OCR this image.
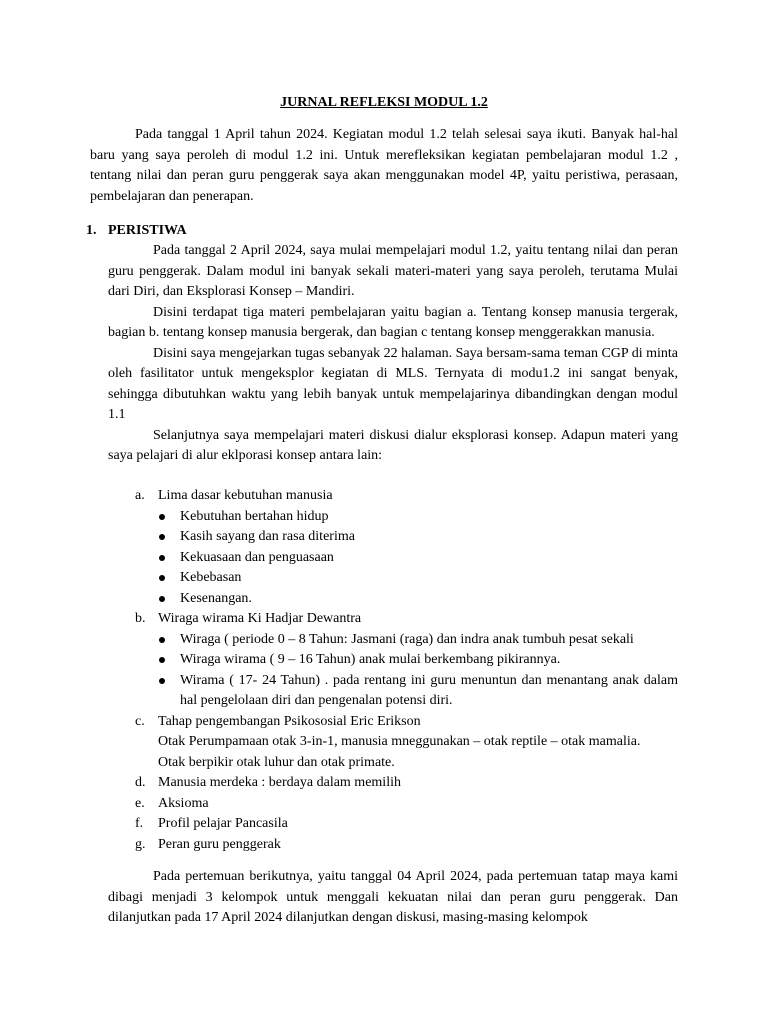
JURNAL REFLEKSI MODUL 1.2

Pada tanggal 1 April tahun 2024. Kegiatan modul 1.2 telah selesai saya ikuti. Banyak hal-hal baru yang saya peroleh di modul 1.2 ini. Untuk merefleksikan kegiatan pembelajaran modul 1.2 , tentang nilai dan peran guru penggerak saya akan menggunakan model 4P, yaitu peristiwa, perasaan, pembelajaran dan penerapan.

1. PERISTIWA

Pada tanggal 2 April 2024, saya mulai mempelajari modul 1.2, yaitu tentang nilai dan peran guru penggerak. Dalam modul ini banyak sekali materi-materi yang saya peroleh, terutama Mulai dari Diri, dan Eksplorasi Konsep – Mandiri.

Disini terdapat tiga materi pembelajaran yaitu bagian a. Tentang konsep manusia tergerak, bagian b. tentang konsep manusia bergerak, dan bagian c tentang konsep menggerakkan manusia.

Disini saya mengejarkan tugas sebanyak 22 halaman. Saya bersam-sama teman CGP di minta oleh fasilitator untuk mengeksplor kegiatan di MLS. Ternyata di modu1.2 ini sangat benyak, sehingga dibutuhkan waktu yang lebih banyak untuk mempelajarinya dibandingkan dengan modul 1.1

Selanjutnya saya mempelajari materi diskusi dialur eksplorasi konsep. Adapun materi yang saya pelajari di alur eklporasi konsep antara lain:

a. Lima dasar kebutuhan manusia
Kebutuhan bertahan hidup
Kasih sayang dan rasa diterima
Kekuasaan dan penguasaan
Kebebasan
Kesenangan.
b. Wiraga wirama Ki Hadjar Dewantra
Wiraga ( periode 0 – 8 Tahun: Jasmani (raga) dan indra anak tumbuh pesat sekali
Wiraga wirama ( 9 – 16 Tahun) anak mulai berkembang pikirannya.
Wirama ( 17- 24 Tahun) . pada rentang ini guru menuntun dan menantang anak dalam hal pengelolaan diri dan pengenalan potensi diri.
c. Tahap pengembangan Psikososial Eric Erikson
Otak Perumpamaan otak 3-in-1, manusia mneggunakan – otak reptile – otak mamalia.
Otak berpikir otak luhur dan otak primate.
d. Manusia merdeka : berdaya dalam memilih
e. Aksioma
f. Profil pelajar Pancasila
g. Peran guru penggerak

Pada pertemuan berikutnya, yaitu tanggal 04 April 2024, pada pertemuan tatap maya kami dibagi menjadi 3 kelompok untuk menggali kekuatan nilai dan peran guru penggerak. Dan dilanjutkan pada 17 April 2024 dilanjutkan dengan diskusi, masing-masing kelompok
